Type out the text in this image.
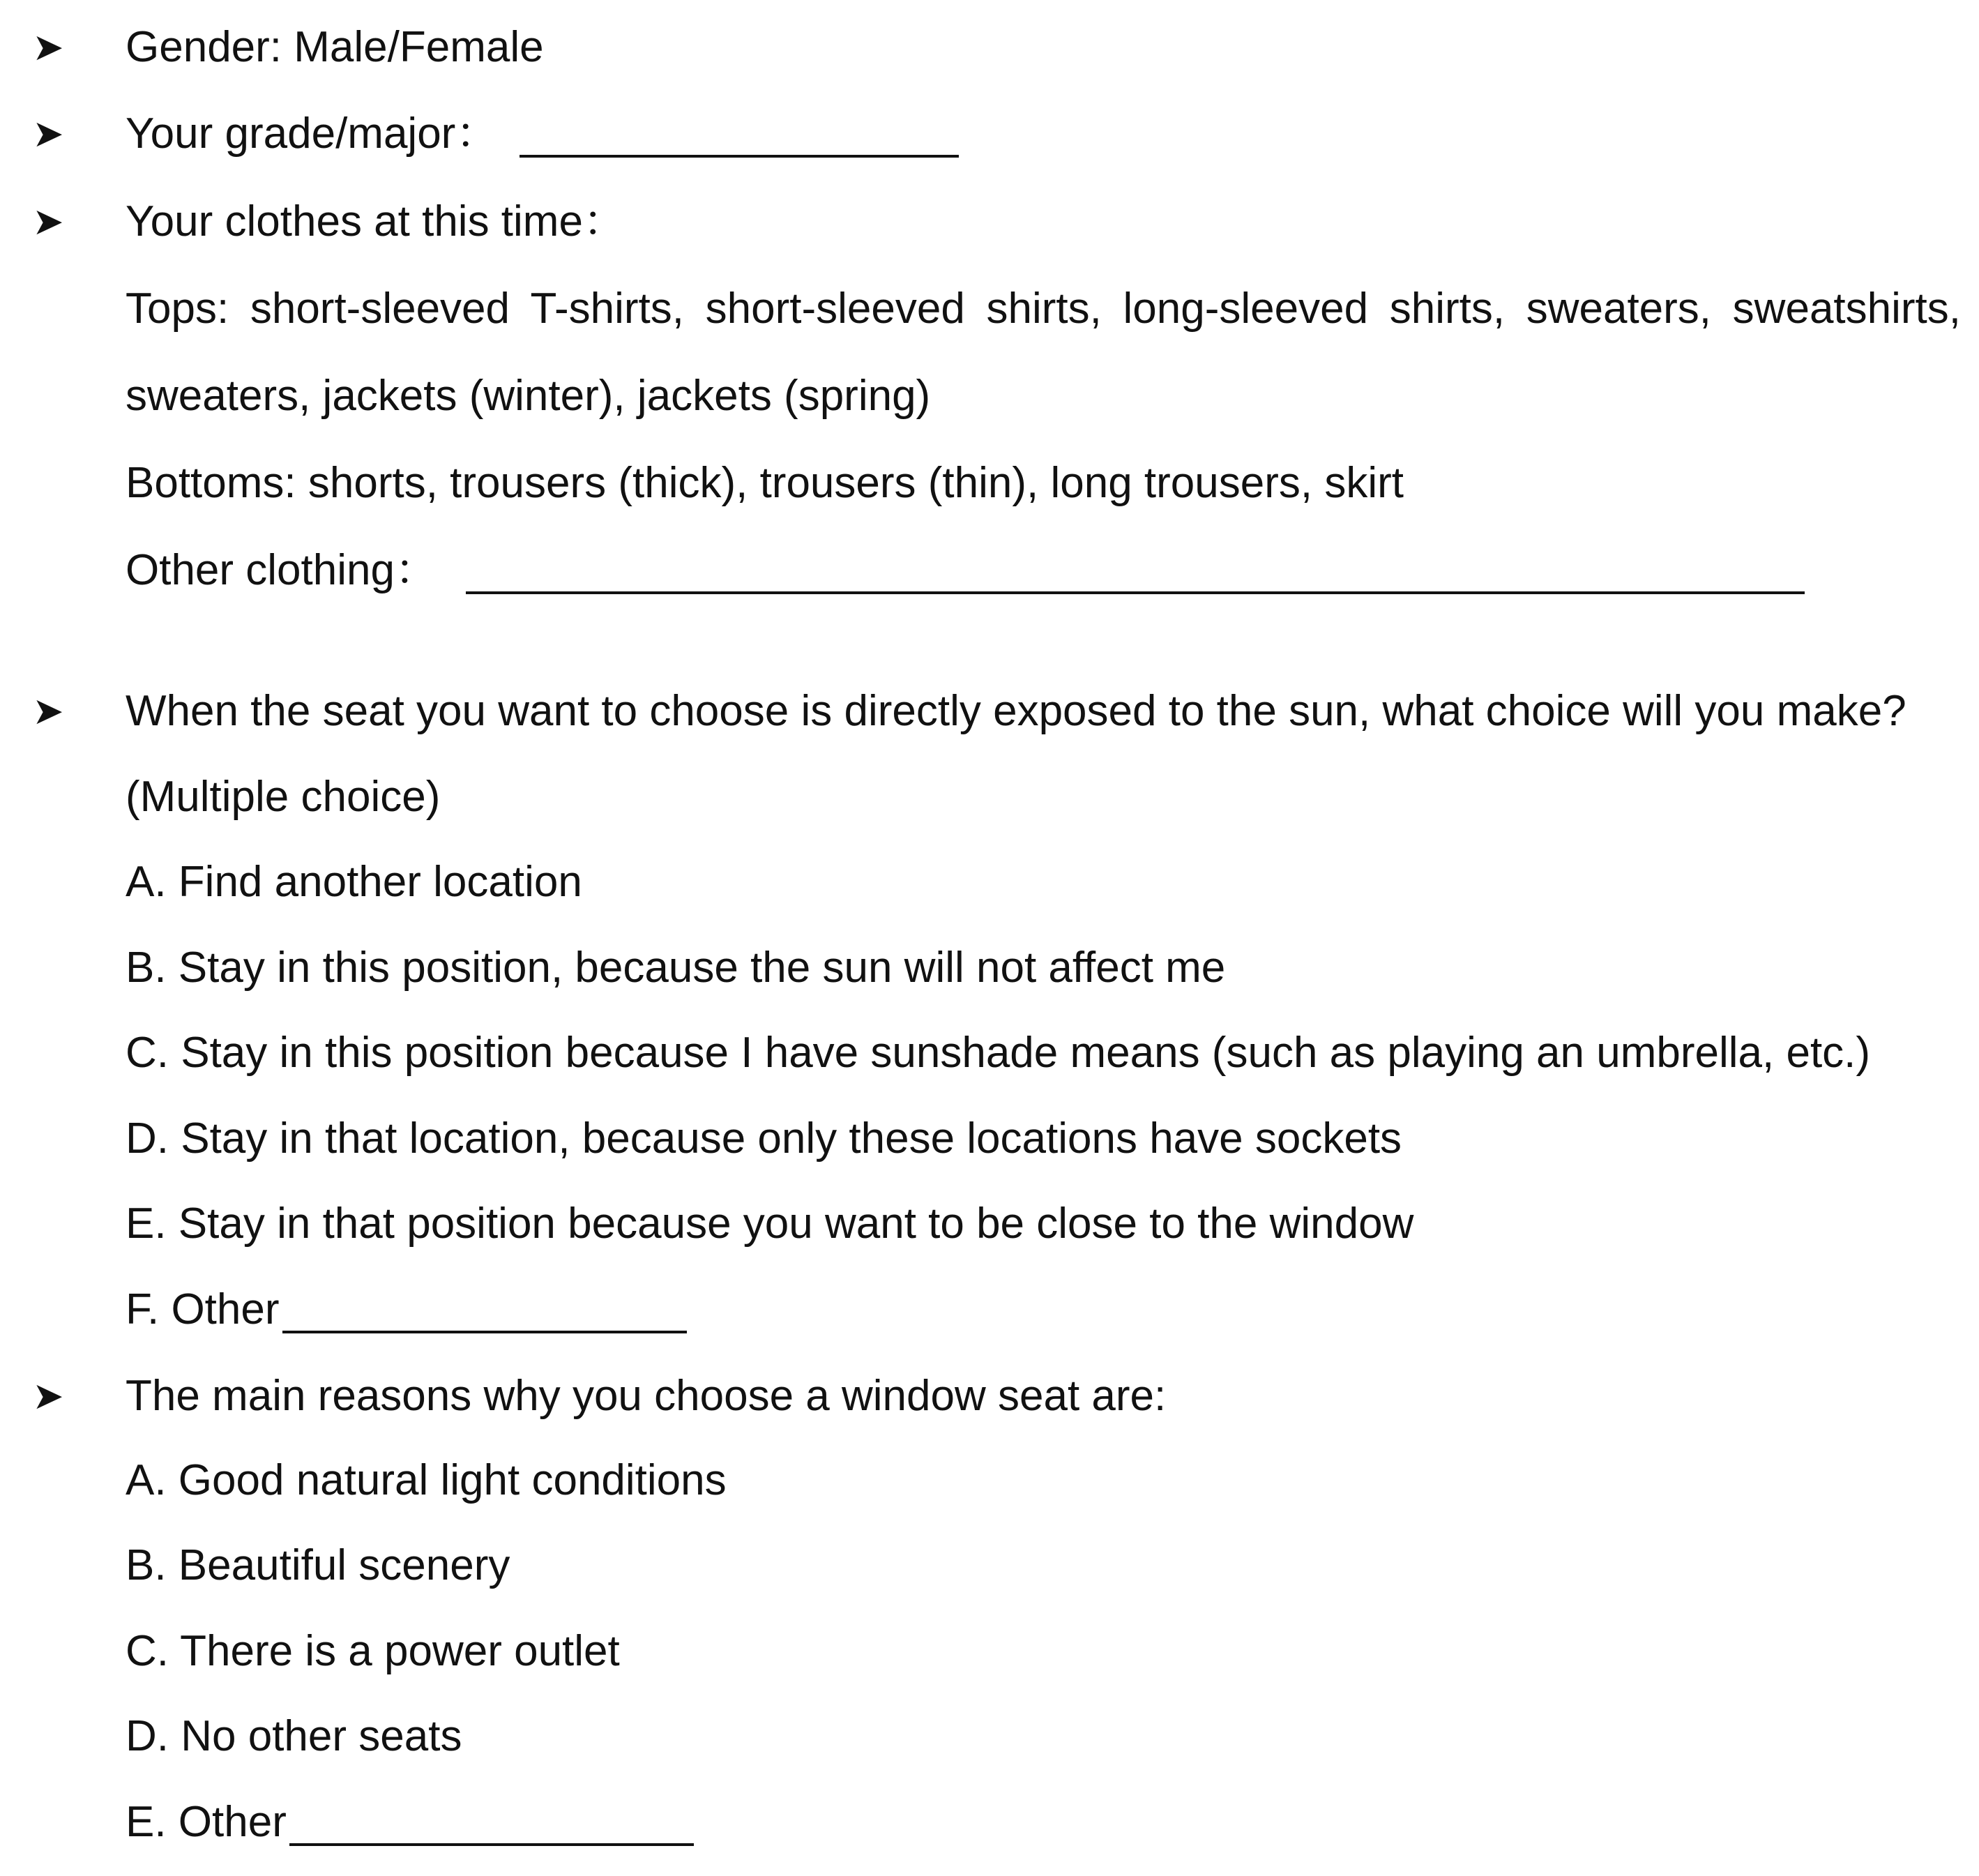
➤ Gender: Male/Female
➤ Your grade/major：
➤ Your clothes at this time：
Tops: short-sleeved T-shirts, short-sleeved shirts, long-sleeved shirts, sweaters, sweatshirts,
sweaters, jackets (winter), jackets (spring)
Bottoms: shorts, trousers (thick), trousers (thin), long trousers, skirt
Other clothing：
➤ When the seat you want to choose is directly exposed to the sun, what choice will you make?
(Multiple choice)
A. Find another location
B. Stay in this position, because the sun will not affect me
C. Stay in this position because I have sunshade means (such as playing an umbrella, etc.)
D. Stay in that location, because only these locations have sockets
E. Stay in that position because you want to be close to the window
F. Other
➤ The main reasons why you choose a window seat are:
A. Good natural light conditions
B. Beautiful scenery
C. There is a power outlet
D. No other seats
E. Other
